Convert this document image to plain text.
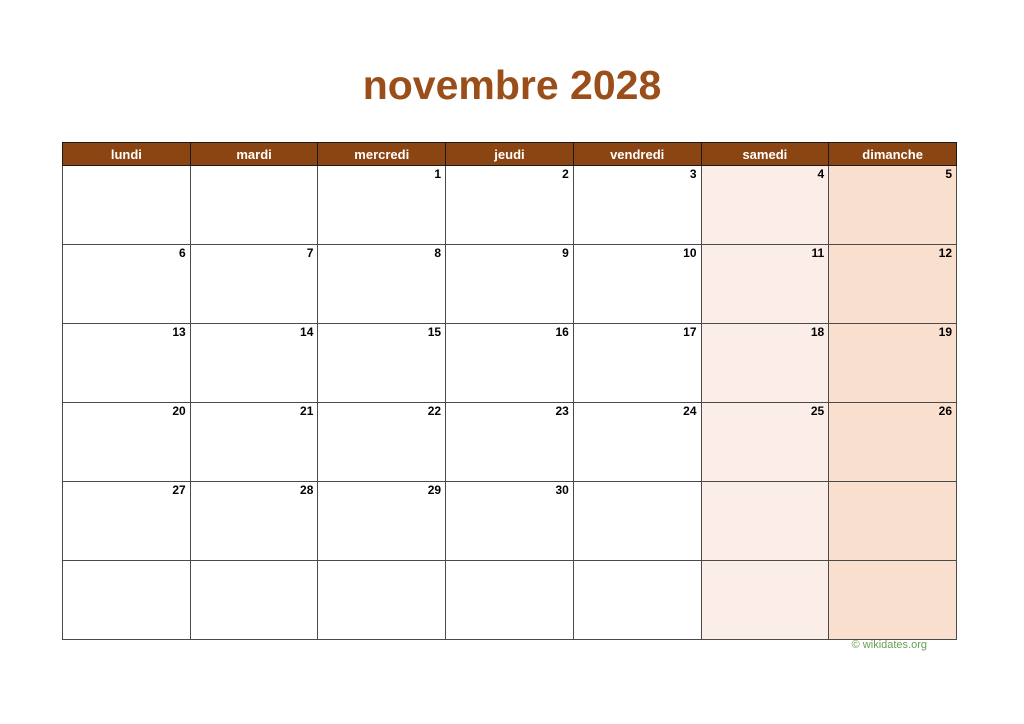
novembre 2028
lundi	mardi	mercredi	jeudi	vendredi	samedi	dimanche
		1	2	3	4	5
6	7	8	9	10	11	12
13	14	15	16	17	18	19
20	21	22	23	24	25	26
27	28	29	30			

© wikidates.org
